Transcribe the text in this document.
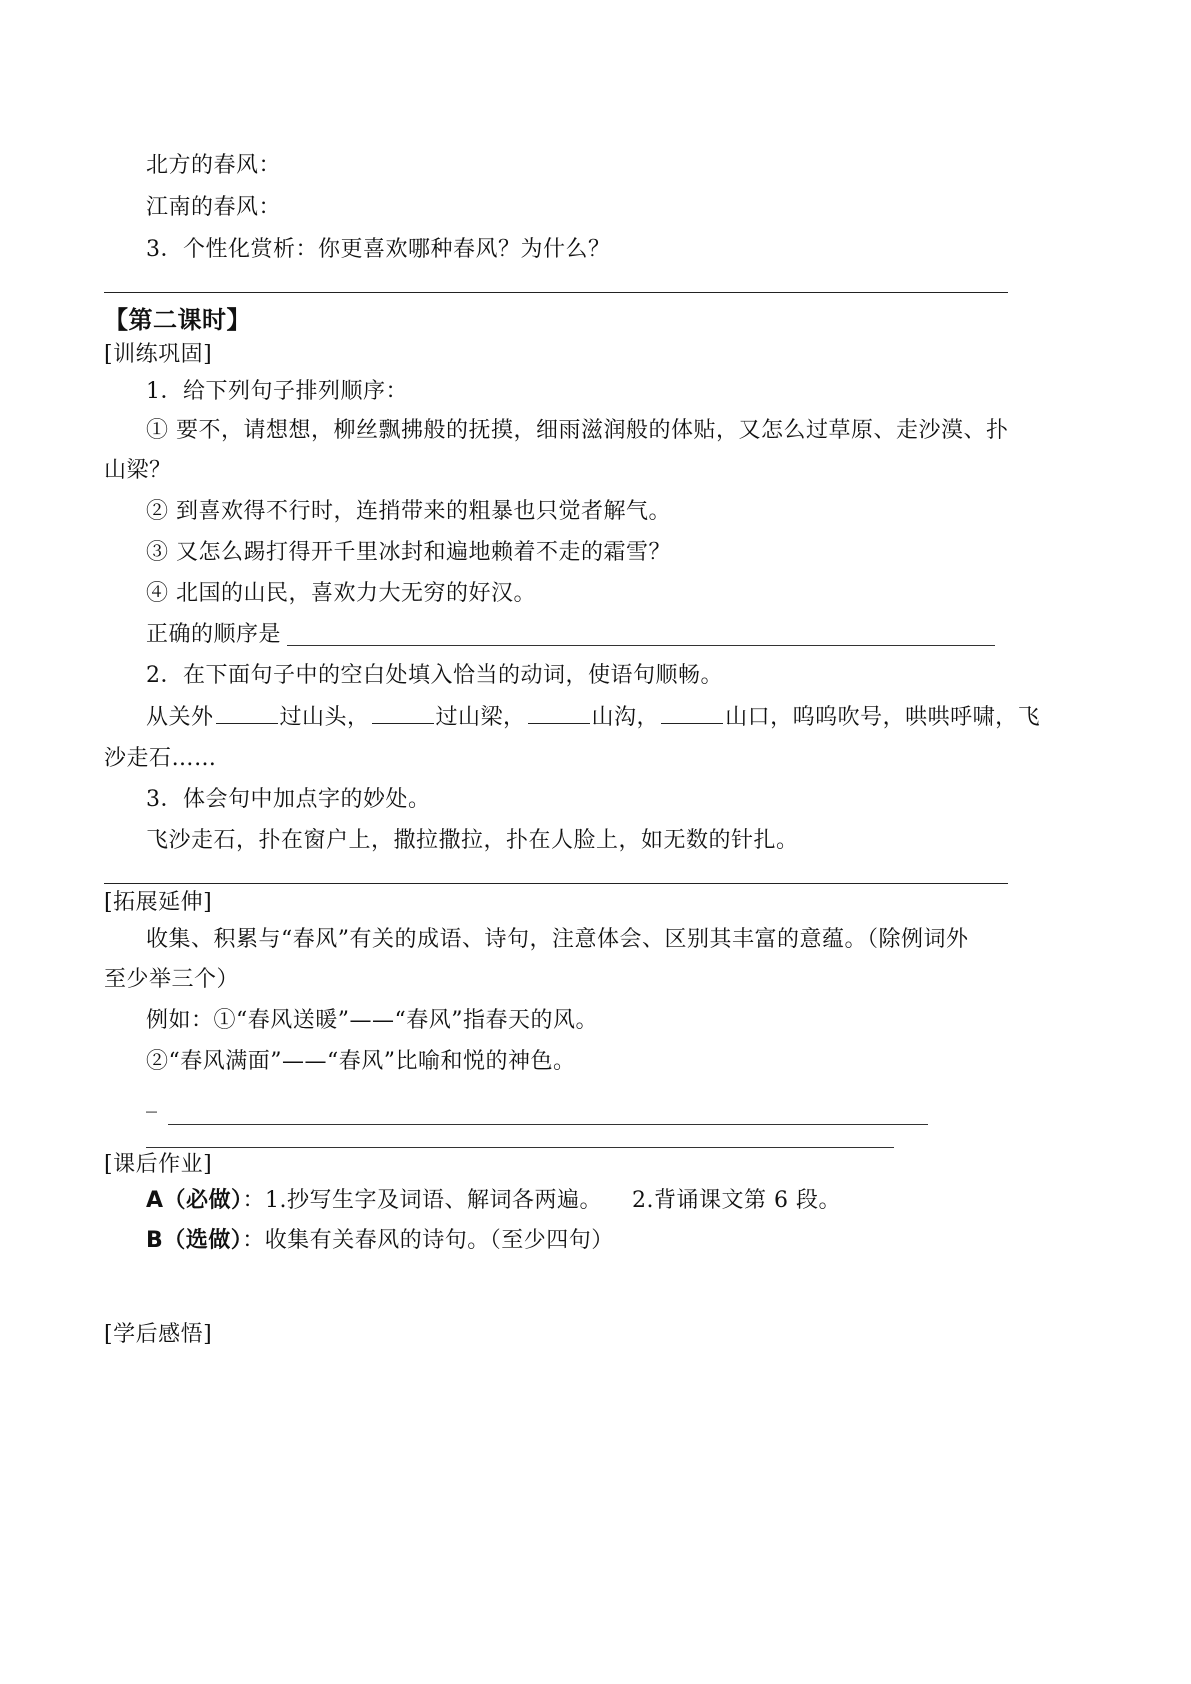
北方的春风：
江南的春风：
3．个性化赏析：你更喜欢哪种春风？为什么？
【第二课时】
[训练巩固]
1．给下列句子排列顺序：
① 要不，请想想，柳丝飘拂般的抚摸，细雨滋润般的体贴，又怎么过草原、走沙漠、扑
山梁？
② 到喜欢得不行时，连捎带来的粗暴也只觉者解气。
③ 又怎么踢打得开千里冰封和遍地赖着不走的霜雪？
④ 北国的山民，喜欢力大无穷的好汉。
正确的顺序是
2．在下面句子中的空白处填入恰当的动词，使语句顺畅。
从关外	过山头，	过山梁，	山沟，	山口，呜呜吹号，哄哄呼啸，飞
沙走石……
3．体会句中加点字的妙处。
飞沙走石，扑在窗户上，撒拉撒拉，扑在人脸上，如无数的针扎。
[拓展延伸]
收集、积累与“春风”有关的成语、诗句，注意体会、区别其丰富的意蕴。（除例词外
至少举三个）
例如：①“春风送暖”——“春风”指春天的风。
②“春风满面”——“春风”比喻和悦的神色。
_
[课后作业]
A（必做）：1.抄写生字及词语、解词各两遍。 2.背诵课文第 6 段。
B（选做）：收集有关春风的诗句。（至少四句）
[学后感悟]
